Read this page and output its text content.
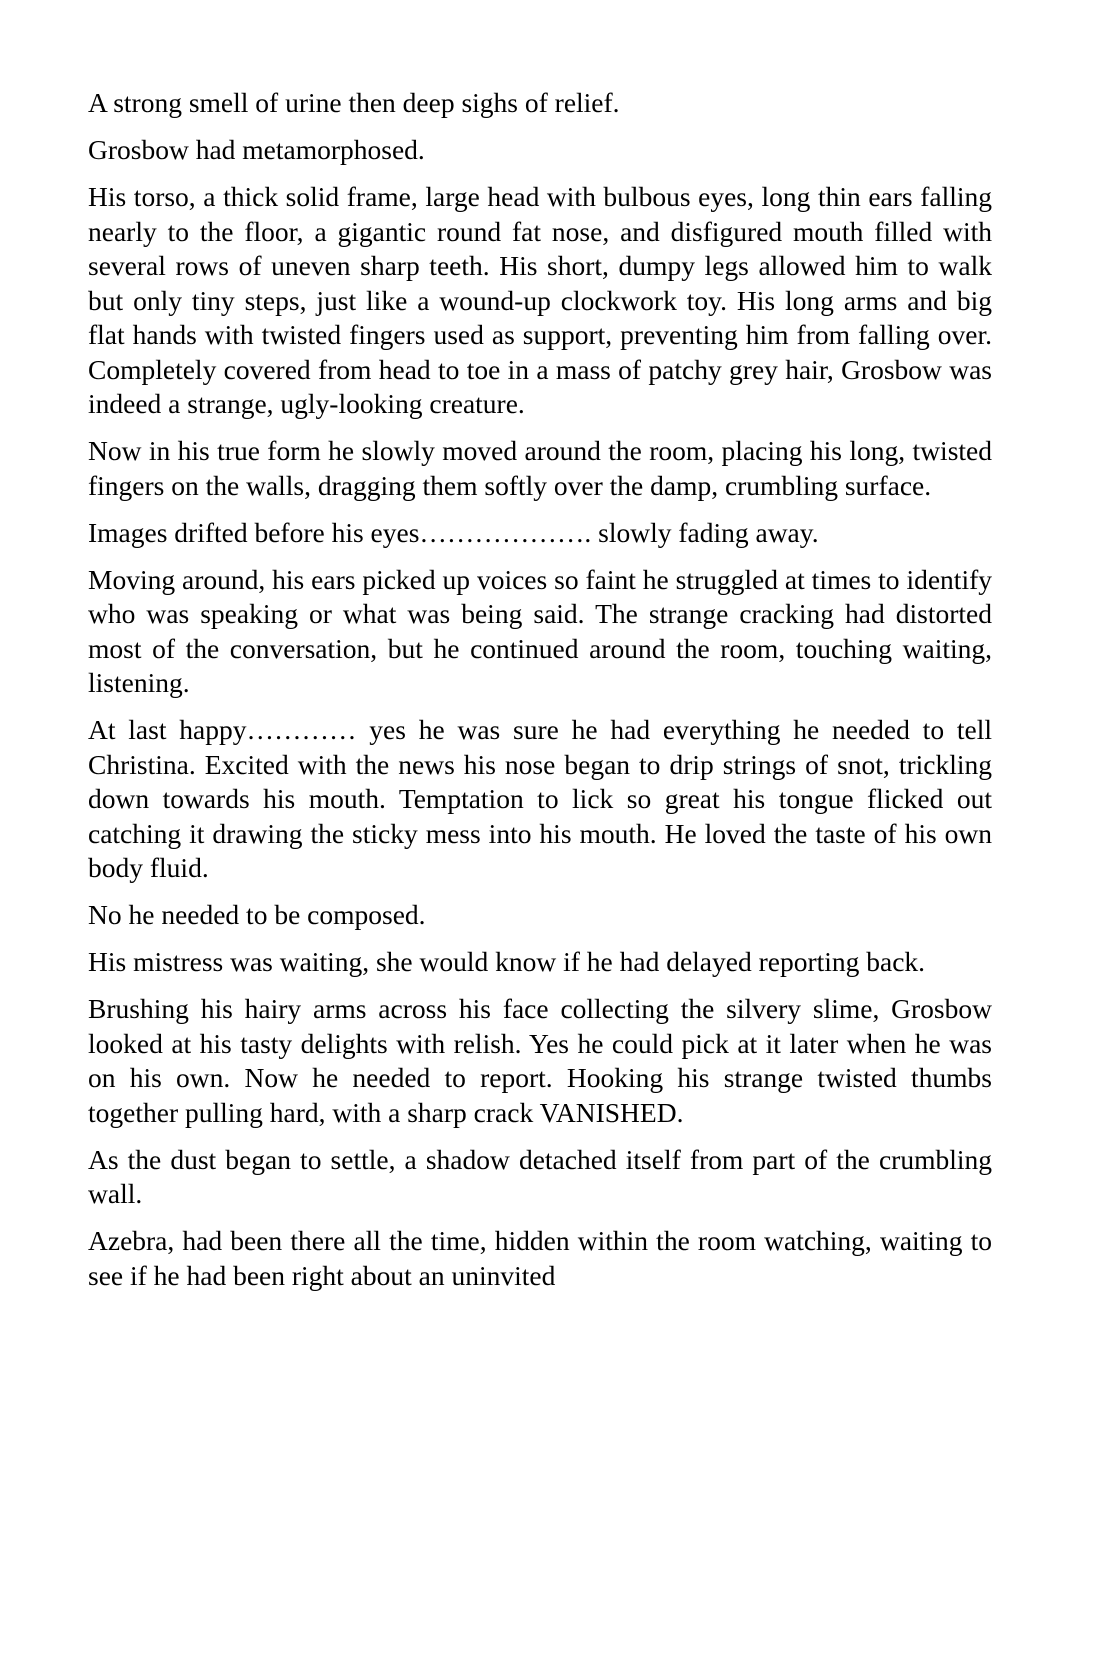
A strong smell of urine then deep sighs of relief.

Grosbow had metamorphosed.

His torso, a thick solid frame, large head with bulbous eyes, long thin ears falling nearly to the floor, a gigantic round fat nose, and disfigured mouth filled with several rows of uneven sharp teeth. His short, dumpy legs allowed him to walk but only tiny steps, just like a wound-up clockwork toy. His long arms and big flat hands with twisted fingers used as support, preventing him from falling over. Completely covered from head to toe in a mass of patchy grey hair, Grosbow was indeed a strange, ugly-looking creature.

Now in his true form he slowly moved around the room, placing his long, twisted fingers on the walls, dragging them softly over the damp, crumbling surface.

Images drifted before his eyes………………. slowly fading away.

Moving around, his ears picked up voices so faint he struggled at times to identify who was speaking or what was being said. The strange cracking had distorted most of the conversation, but he continued around the room, touching waiting, listening.

At last happy………… yes he was sure he had everything he needed to tell Christina. Excited with the news his nose began to drip strings of snot, trickling down towards his mouth. Temptation to lick so great his tongue flicked out catching it drawing the sticky mess into his mouth. He loved the taste of his own body fluid.

No he needed to be composed.

His mistress was waiting, she would know if he had delayed reporting back.

Brushing his hairy arms across his face collecting the silvery slime, Grosbow looked at his tasty delights with relish. Yes he could pick at it later when he was on his own. Now he needed to report. Hooking his strange twisted thumbs together pulling hard, with a sharp crack VANISHED.

As the dust began to settle, a shadow detached itself from part of the crumbling wall.

Azebra, had been there all the time, hidden within the room watching, waiting to see if he had been right about an uninvited
